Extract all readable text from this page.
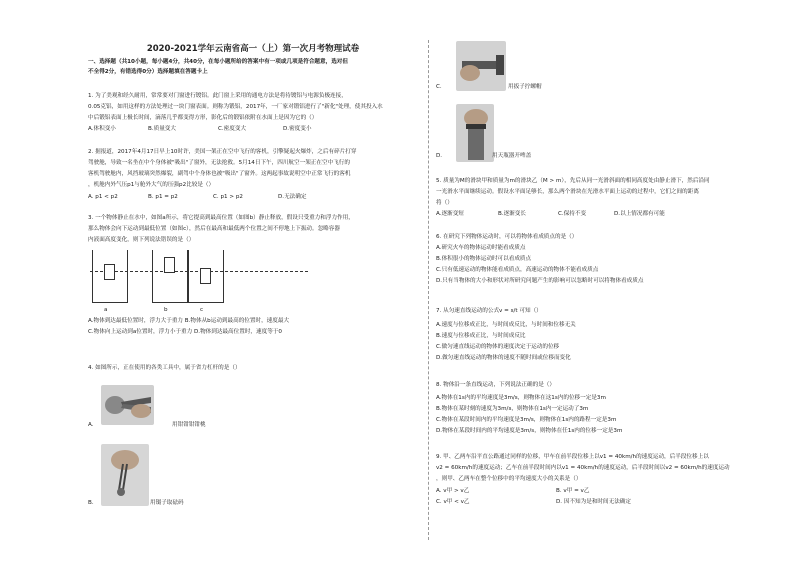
2020-2021学年云南省高一（上）第一次月考物理试卷
一、选择题（共10小题，每小题4分，共40分，在每小题所给的答案中有一项或几项是符合题意，选对但
不全得2分，有错选得0分）选择题填在答题卡上
1. 为了美观和经久耐用，常常要对门窗进行镀铝。此门窗上采用的通电方法是将待镀铝与电源负极连接，
0.05克铝，如用这样的方法处理过一块门窗表面。则称为锻铝，2017年，一厂家对锻铝进行了"新化"处理，使其投入水
中后锻铝表面上极长时间，滴落几乎都变得方形，影化后的锻铝依附在水面上是因为它的（）
A.体积变小	B.质量变大	C.密度变大	D.密度变小
2. 据报道，2017年4月17日早上10时许，美国一架正在空中飞行的客机，引擎疑起火爆炸，之后有碎片打穿
驾驶舱，导致一名坐在中个身体被"吸出"了窗外，无法抢救。5月14日下午，四川航空一架正在空中飞行的
客机驾驶舱内，风挡玻璃突然爆裂，副驾中个身体也被"吸出"了窗外。这两起事故说明空中正常飞行的客机
，机舱内外气压p1与舱外大气的压强p2比较是（）
A. p1 < p2	B. p1 = p2	C. p1 > p2	D.无法确定
3. 一个物体静止在水中，如图a所示，将它提高到最高位置（如图b）静止释放，假设只受重力和浮力作用，
那么物体会向下运动到最低位置（如图c），然后在最高和最低两个位置之间不停地上下振动。忽略容器
内液面高度变化，则下列说法错误的是（）
a	b	c
A.物体到达最低位置时，浮力大于重力 B.物体从b运动到最高的位置时，速度最大
C.物体向上运动到a位置时，浮力小于重力 D.物体到达最高位置时，速度等于0
4. 如图所示，正在使用的各类工具中，属于省力杠杆的是（）
A.	用钳钳钳钳桃
B.	用镊子取砝码
C.	用扳子拧螺帽
D.	用天瓶器开啤盖
5. 质量为M的滑块甲和质量为m的滑块乙（M > m），先后从同一光滑斜面的相同高度处由静止滑下，然后沿同
一光滑水平面继续运动。假设水平面足够长，那么两个滑块在光滑水平面上运动的过程中，它们之间的距离
将（）
A.逐渐变短	B.逐渐变长	C.保持不变	D.以上情况都有可能
6. 在研究下列物体运动时，可以将物体看成质点的是（）
A.研究火车的物体运动时能看成质点
B.体积很小的物体运动时可以看成质点
C.只有低速运动的物体能看成质点，高速运动的物体不能看成质点
D.只有当物体的大小和形状对所研究问题产生的影响可以忽略时可以将物体看成质点
7. 从匀速直线运动的公式v = s/t 可知（）
A.速度与位移成正比，与时间成反比，与时间和位移无关
B.速度与位移成正比，与时间成反比
C.做匀速直线运动的物体的速度决定于运动的位移
D.做匀速直线运动的物体的速度不随时间或位移而变化
8. 物体沿一条直线运动，下列说法正确的是（）
A.物体在1s内的平均速度是3m/s，则物体在这1s内的位移一定是3m
B.物体在某时刻的速度为3m/s，则物体在1s内一定运动了3m
C.物体在某段时间内的平均速度是3m/s，则物体在1s内的路程一定是3m
D.物体在某段时间内的平均速度是3m/s，则物体在任1s内的位移一定是3m
9. 甲、乙两车沿平直公路通过同样的位移，甲车在前半段位移上以v1 = 40km/h的速度运动，后半段位移上以
v2 = 60km/h的速度运动；乙车在前半段时间内以v1 = 40km/h的速度运动，后半段时间以v2 = 60km/h的速度运动
，则甲、乙两车在整个位移中的平均速度大小的关系是（）
A. v甲 > v乙	B. v甲 = v乙
C. v甲 < v乙	D. 因不知为是和时间无法确定
